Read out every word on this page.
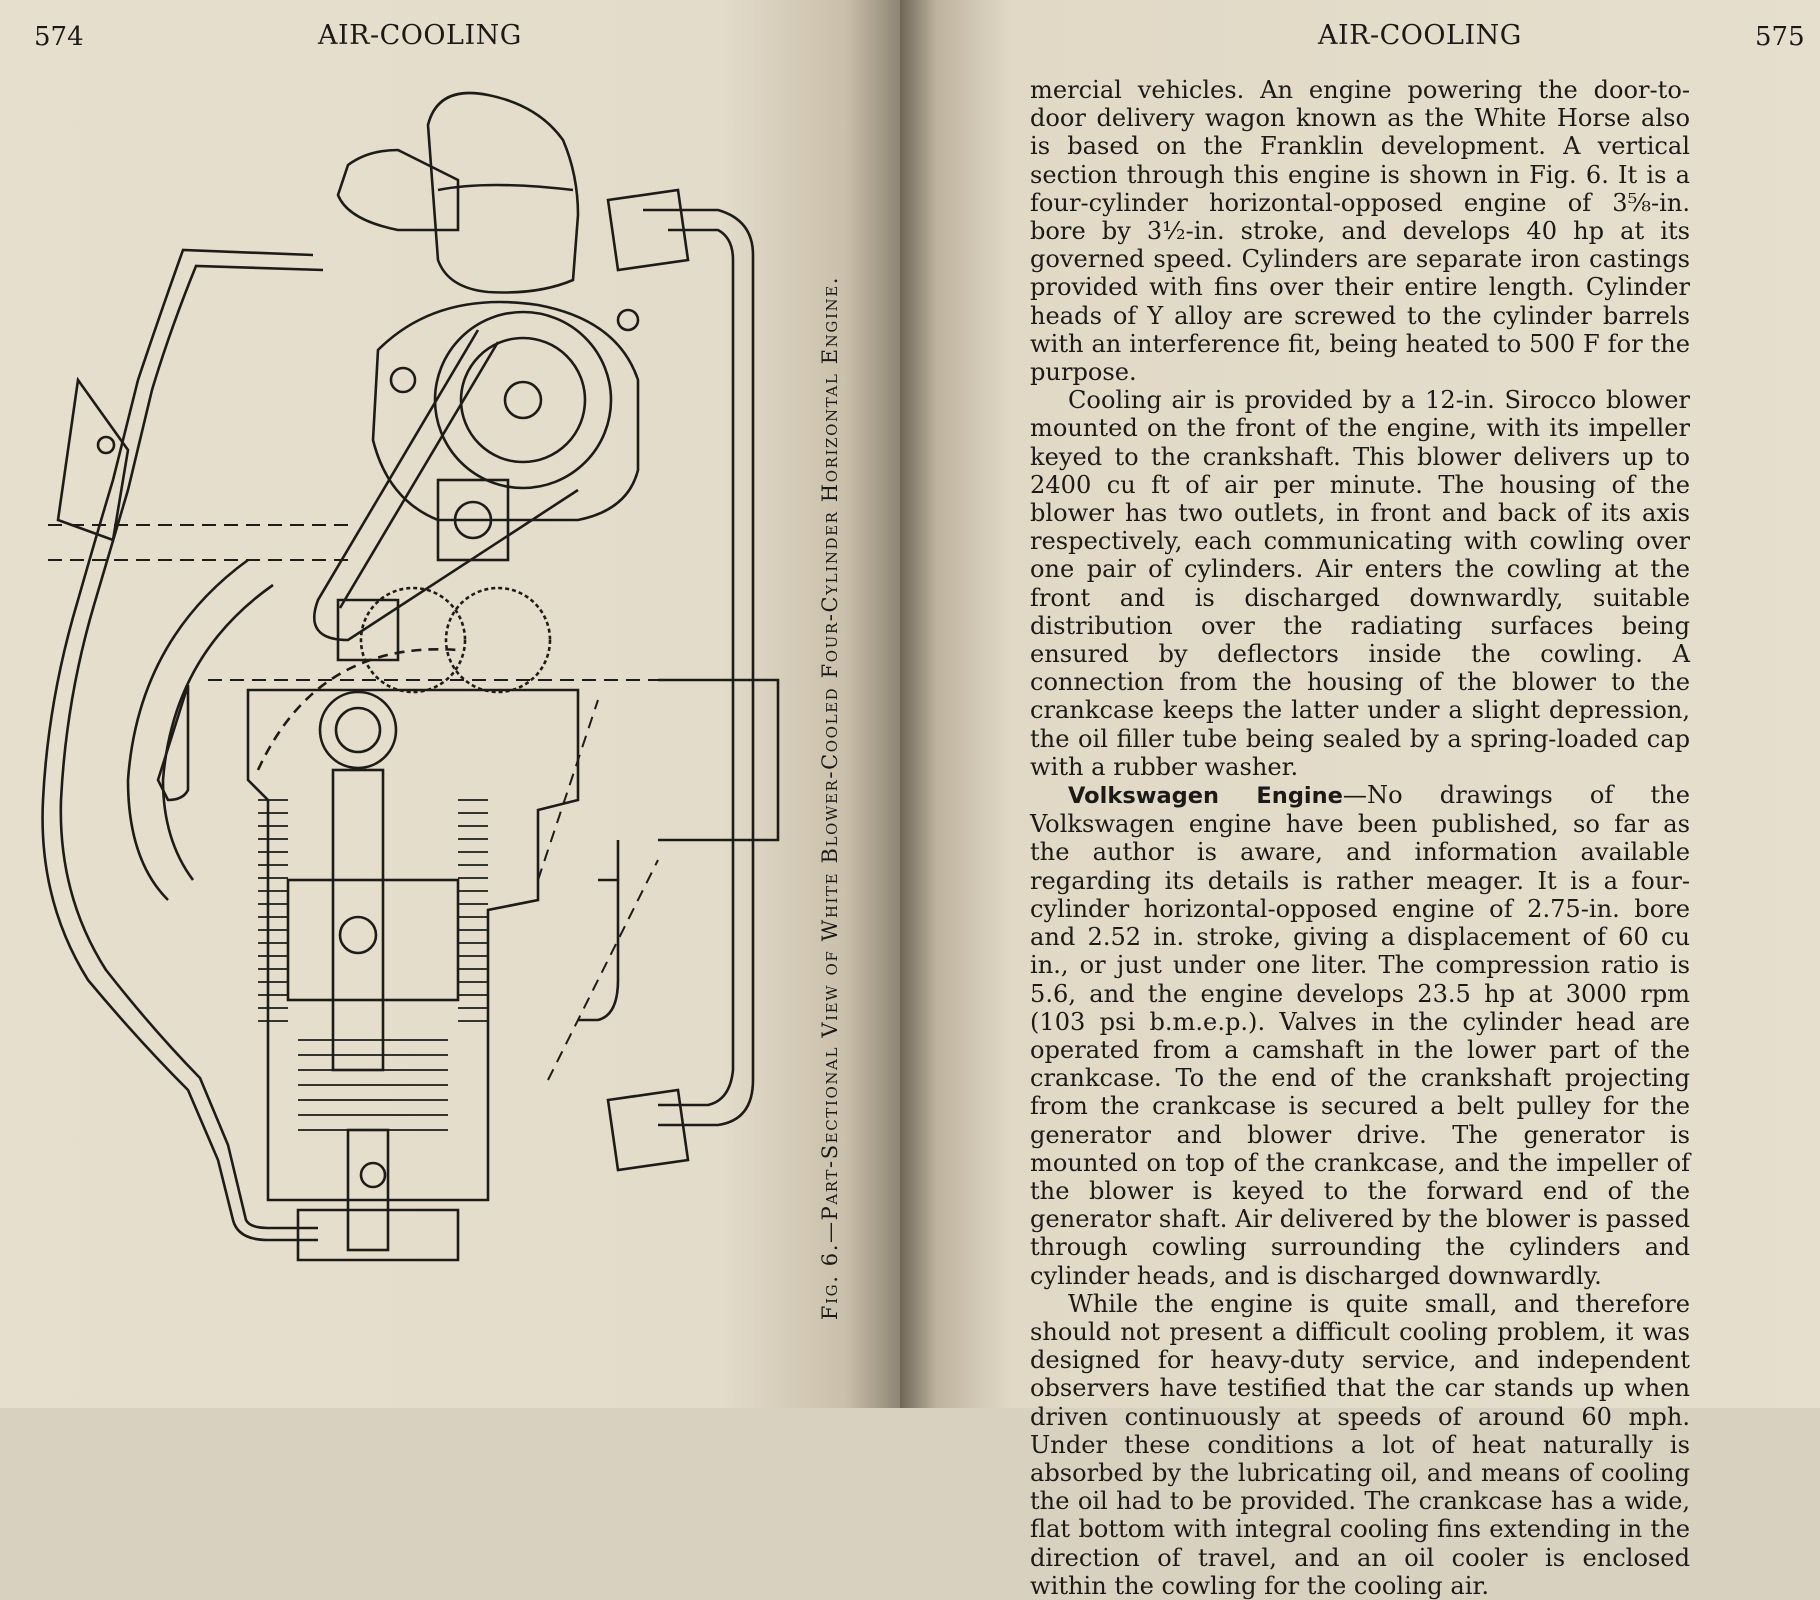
574	AIR-COOLING
Fig. 6.—Part-Sectional View of White Blower-Cooled Four-Cylinder Horizontal Engine.
AIR-COOLING	575

mercial vehicles. An engine powering the door-to-door delivery wagon known as the White Horse also is based on the Franklin development. A vertical section through this engine is shown in Fig. 6. It is a four-cylinder horizontal-opposed engine of 3⅝-in. bore by 3½-in. stroke, and develops 40 hp at its governed speed. Cylinders are separate iron castings provided with fins over their entire length. Cylinder heads of Y alloy are screwed to the cylinder barrels with an interference fit, being heated to 500 F for the purpose.

Cooling air is provided by a 12-in. Sirocco blower mounted on the front of the engine, with its impeller keyed to the crankshaft. This blower delivers up to 2400 cu ft of air per minute. The housing of the blower has two outlets, in front and back of its axis respectively, each communicating with cowling over one pair of cylinders. Air enters the cowling at the front and is discharged downwardly, suitable distribution over the radiating surfaces being ensured by deflectors inside the cowling. A connection from the housing of the blower to the crankcase keeps the latter under a slight depression, the oil filler tube being sealed by a spring-loaded cap with a rubber washer.

Volkswagen Engine—No drawings of the Volkswagen engine have been published, so far as the author is aware, and information available regarding its details is rather meager. It is a four-cylinder horizontal-opposed engine of 2.75-in. bore and 2.52 in. stroke, giving a displacement of 60 cu in., or just under one liter. The compression ratio is 5.6, and the engine develops 23.5 hp at 3000 rpm (103 psi b.m.e.p.). Valves in the cylinder head are operated from a camshaft in the lower part of the crankcase. To the end of the crankshaft projecting from the crankcase is secured a belt pulley for the generator and blower drive. The generator is mounted on top of the crankcase, and the impeller of the blower is keyed to the forward end of the generator shaft. Air delivered by the blower is passed through cowling surrounding the cylinders and cylinder heads, and is discharged downwardly.

While the engine is quite small, and therefore should not present a difficult cooling problem, it was designed for heavy-duty service, and independent observers have testified that the car stands up when driven continuously at speeds of around 60 mph. Under these conditions a lot of heat naturally is absorbed by the lubricating oil, and means of cooling the oil had to be provided. The crankcase has a wide, flat bottom with integral cooling fins extending in the direction of travel, and an oil cooler is enclosed within the cowling for the cooling air.
